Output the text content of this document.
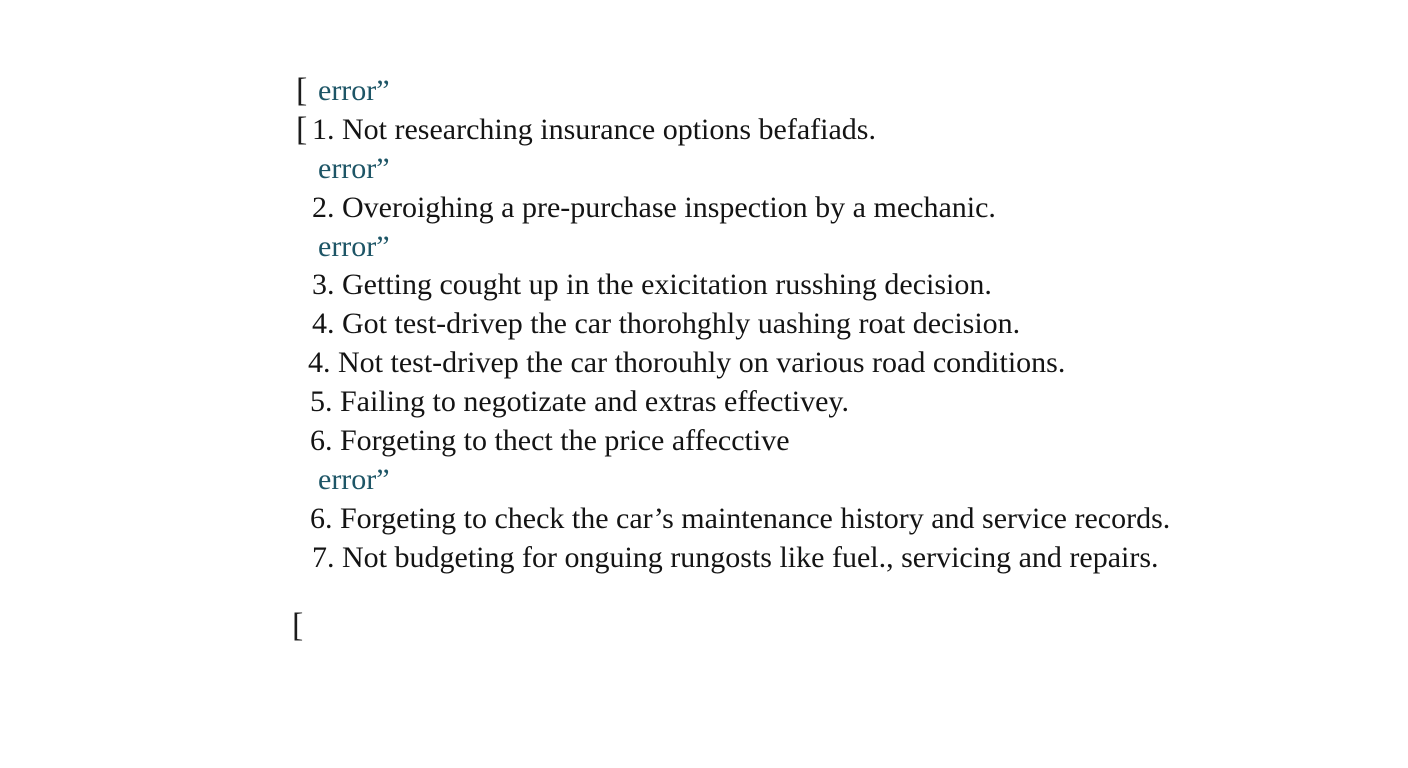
[ error”
[ 1. Not researching insurance options befafiads.
error”
2. Overoighing a pre-purchase inspection by a mechanic.
error”
3. Getting cought up in the exicitation russhing decision.
4. Got test-drivep the car thorohghly uashing roat decision.
4. Not test-drivep the car thorouhly on various road conditions.
5. Failing to negotizate and extras effectivey.
6. Forgeting to thect the price affecctive
error”
6. Forgeting to check the car’s maintenance history and service records.
7. Not budgeting for onguing rungosts like fuel., servicing and repairs.
[
